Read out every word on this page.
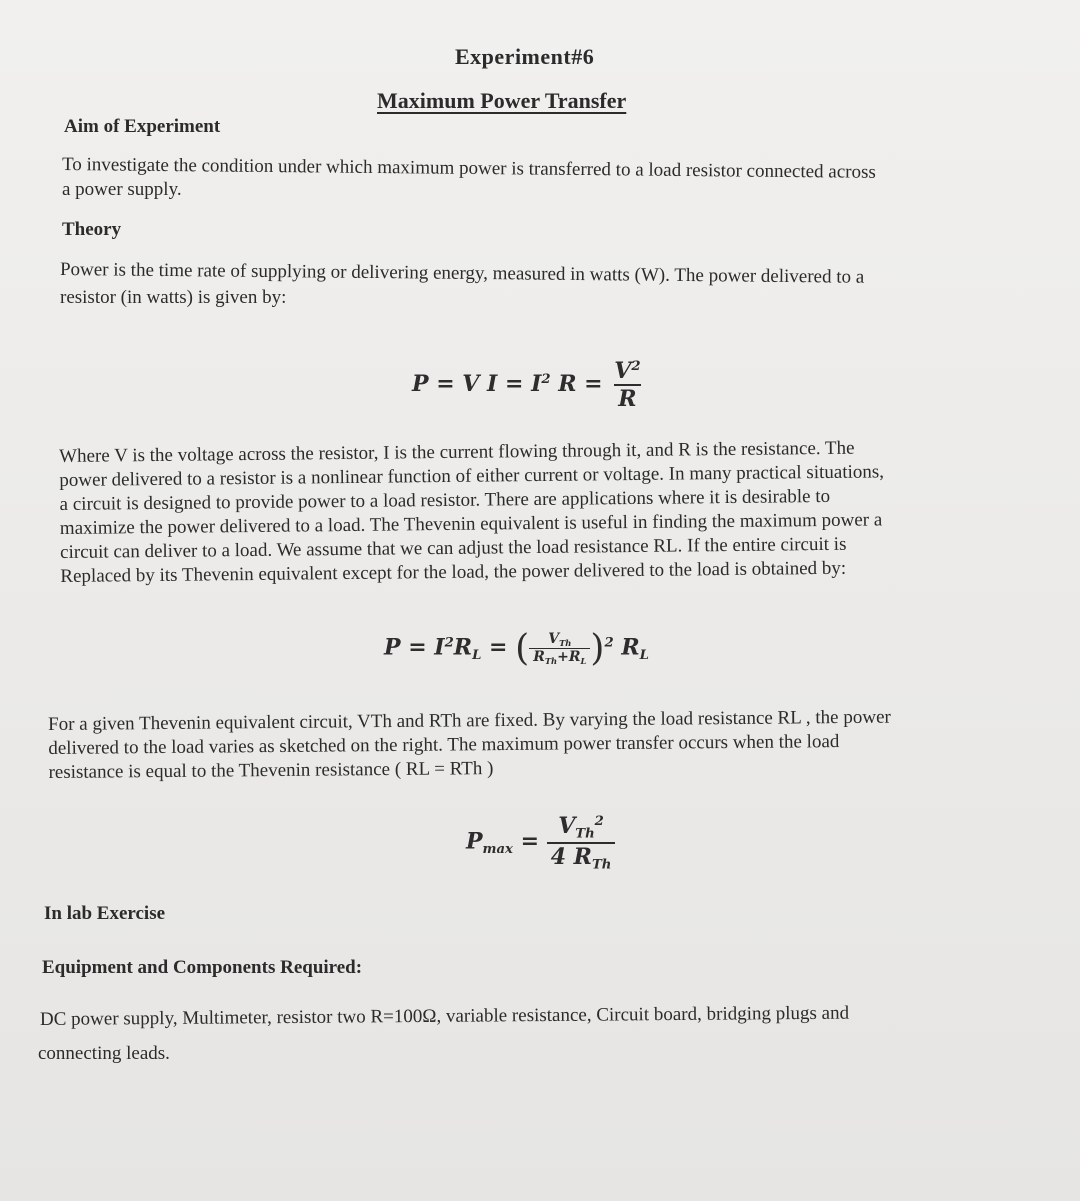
Experiment#6
Maximum Power Transfer
Aim of Experiment
To investigate the condition under which maximum power is transferred to a load resistor connected across
a power supply.
Theory
Power is the time rate of supplying or delivering energy, measured in watts (W). The power delivered to a
resistor (in watts) is given by:
P = V $I = I^2$ $R = \frac{V^2}{R}$
Where V is the voltage across the resistor, I is the current flowing through it, and R is the resistance. The
power delivered to a resistor is a nonlinear function of either current or voltage. In many practical situations,
a circuit is designed to provide power to a load resistor. There are applications where it is desirable to
maximize the power delivered to a load. The Thevenin equivalent is useful in finding the maximum power a
circuit can deliver to a load. We assume that we can adjust the load resistance RL. If the entire circuit is
Replaced by its Thevenin equivalent except for the load, the power delivered to the load is obtained by:
$P = I^2R_L$ = ( $\frac{V_{Th}}{R_{Th}+R_L} )^2$ $R_L$
For a given Thevenin equivalent circuit, VTh and RTh are fixed. By varying the load resistance RL , the power
delivered to the load varies as sketched on the right. The maximum power transfer occurs when the load
resistance is equal to the Thevenin resistance ( RL = RTh )
$P_{max} = \frac{V_{Th}^2}{4 R_{Th}}$
In lab Exercise
Equipment and Components Required:
DC power supply, Multimeter, resistor two R=100Ω, variable resistance, Circuit board, bridging plugs and
connecting leads.
